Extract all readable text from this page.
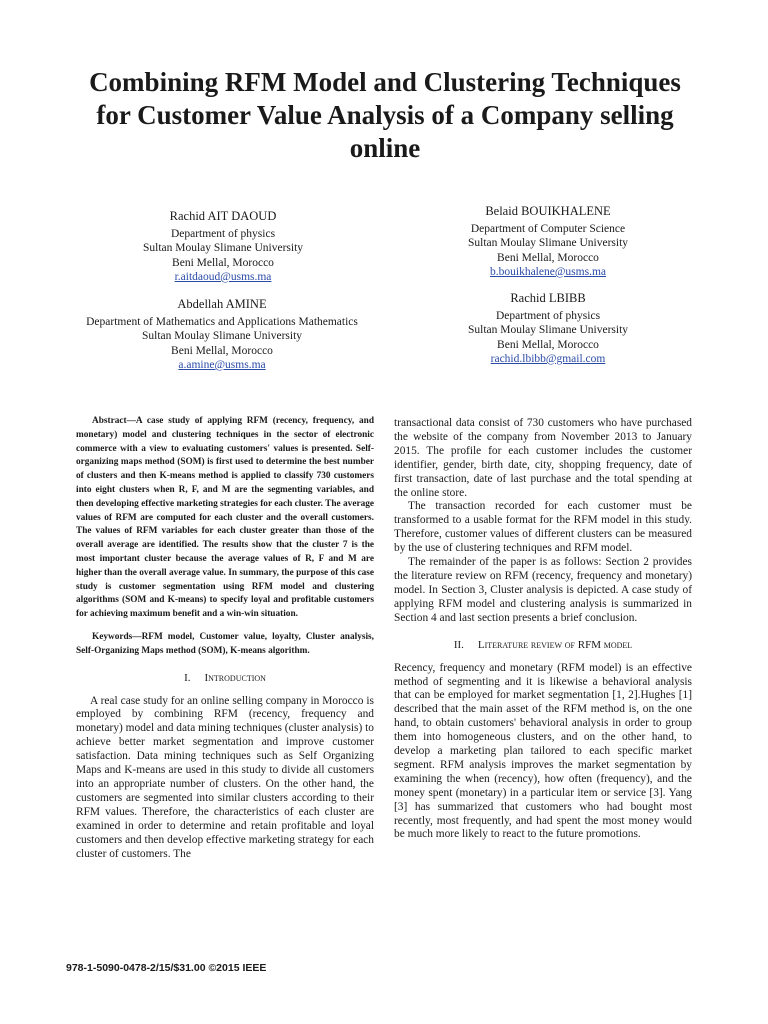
Combining RFM Model and Clustering Techniques for Customer Value Analysis of a Company selling online
Rachid AIT DAOUD
Department of physics
Sultan Moulay Slimane University
Beni Mellal, Morocco
r.aitdaoud@usms.ma
Belaid BOUIKHALENE
Department of Computer Science
Sultan Moulay Slimane University
Beni Mellal, Morocco
b.bouikhalene@usms.ma
Abdellah AMINE
Department of Mathematics and Applications Mathematics
Sultan Moulay Slimane University
Beni Mellal, Morocco
a.amine@usms.ma
Rachid LBIBB
Department of physics
Sultan Moulay Slimane University
Beni Mellal, Morocco
rachid.lbibb@gmail.com

Abstract—A case study of applying RFM (recency, frequency, and monetary) model and clustering techniques in the sector of electronic commerce with a view to evaluating customers' values is presented. Self-organizing maps method (SOM) is first used to determine the best number of clusters and then K-means method is applied to classify 730 customers into eight clusters when R, F, and M are the segmenting variables, and then developing effective marketing strategies for each cluster. The average values of RFM are computed for each cluster and the overall customers. The values of RFM variables for each cluster greater than those of the overall average are identified. The results show that the cluster 7 is the most important cluster because the average values of R, F and M are higher than the overall average value. In summary, the purpose of this case study is customer segmentation using RFM model and clustering algorithms (SOM and K-means) to specify loyal and profitable customers for achieving maximum benefit and a win-win situation.

Keywords—RFM model, Customer value, loyalty, Cluster analysis, Self-Organizing Maps method (SOM), K-means algorithm.

I. Introduction

A real case study for an online selling company in Morocco is employed by combining RFM (recency, frequency and monetary) model and data mining techniques (cluster analysis) to achieve better market segmentation and improve customer satisfaction. Data mining techniques such as Self Organizing Maps and K-means are used in this study to divide all customers into an appropriate number of clusters. On the other hand, the customers are segmented into similar clusters according to their RFM values. Therefore, the characteristics of each cluster are examined in order to determine and retain profitable and loyal customers and then develop effective marketing strategy for each cluster of customers. The

transactional data consist of 730 customers who have purchased the website of the company from November 2013 to January 2015. The profile for each customer includes the customer identifier, gender, birth date, city, shopping frequency, date of first transaction, date of last purchase and the total spending at the online store.

The transaction recorded for each customer must be transformed to a usable format for the RFM model in this study. Therefore, customer values of different clusters can be measured by the use of clustering techniques and RFM model.

The remainder of the paper is as follows: Section 2 provides the literature review on RFM (recency, frequency and monetary) model. In Section 3, Cluster analysis is depicted. A case study of applying RFM model and clustering analysis is summarized in Section 4 and last section presents a brief conclusion.

II. Literature review of RFM model

Recency, frequency and monetary (RFM model) is an effective method of segmenting and it is likewise a behavioral analysis that can be employed for market segmentation [1, 2].Hughes [1] described that the main asset of the RFM method is, on the one hand, to obtain customers' behavioral analysis in order to group them into homogeneous clusters, and on the other hand, to develop a marketing plan tailored to each specific market segment. RFM analysis improves the market segmentation by examining the when (recency), how often (frequency), and the money spent (monetary) in a particular item or service [3]. Yang [3] has summarized that customers who had bought most recently, most frequently, and had spent the most money would be much more likely to react to the future promotions.

978-1-5090-0478-2/15/$31.00 ©2015 IEEE
